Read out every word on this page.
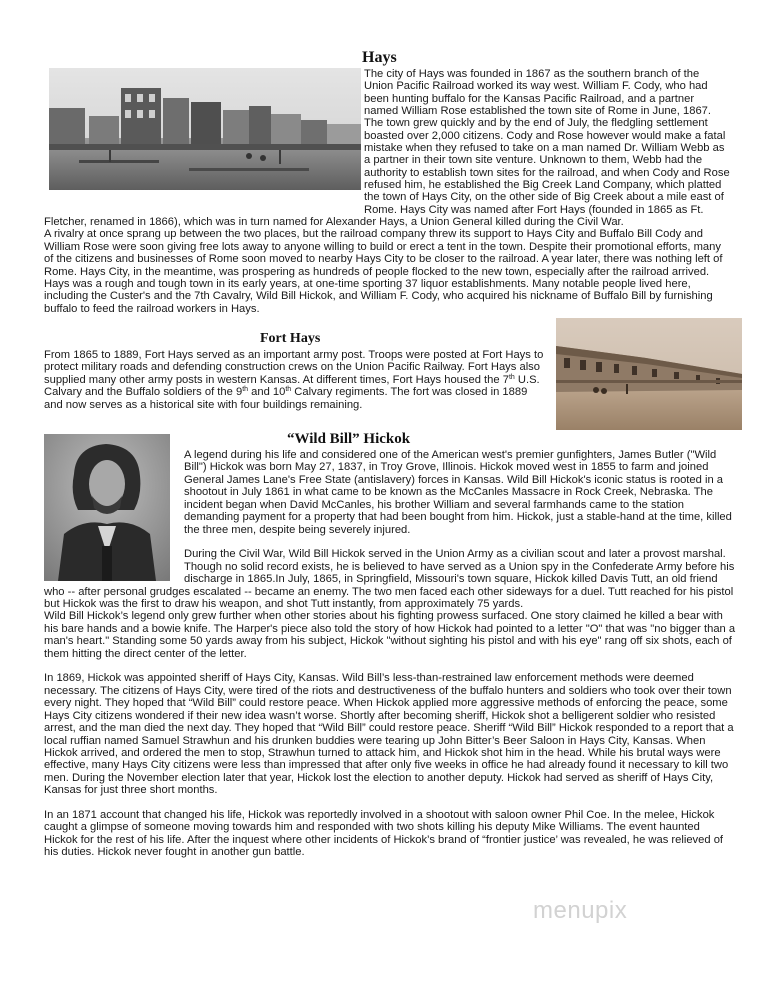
Hays

The city of Hays was founded in 1867 as the southern branch of the Union Pacific Railroad worked its way west. William F. Cody, who had been hunting buffalo for the Kansas Pacific Railroad, and a partner named William Rose established the town site of Rome in June, 1867. The town grew quickly and by the end of July, the fledgling settlement boasted over 2,000 citizens. Cody and Rose however would make a fatal mistake when they refused to take on a man named Dr. William Webb as a partner in their town site venture. Unknown to them, Webb had the authority to establish town sites for the railroad, and when Cody and Rose refused him, he established the Big Creek Land Company, which platted the town of Hays City, on the other side of Big Creek about a mile east of Rome. Hays City was named after Fort Hays (founded in 1865 as Ft. Fletcher, renamed in 1866), which was in turn named for Alexander Hays, a Union General killed during the Civil War.

A rivalry at once sprang up between the two places, but the railroad company threw its support to Hays City and Buffalo Bill Cody and William Rose were soon giving free lots away to anyone willing to build or erect a tent in the town. Despite their promotional efforts, many of the citizens and businesses of Rome soon moved to nearby Hays City to be closer to the railroad. A year later, there was nothing left of Rome. Hays City, in the meantime, was prospering as hundreds of people flocked to the new town, especially after the railroad arrived. Hays was a rough and tough town in its early years, at one-time sporting 37 liquor establishments. Many notable people lived here, including the Custer's and the 7th Cavalry, Wild Bill Hickok, and William F. Cody, who acquired his nickname of Buffalo Bill by furnishing buffalo to feed the railroad workers in Hays.

Fort Hays
From 1865 to 1889, Fort Hays served as an important army post. Troops were posted at Fort Hays to protect military roads and defending construction crews on the Union Pacific Railway. Fort Hays also supplied many other army posts in western Kansas. At different times, Fort Hays housed the 7th U.S. Calvary and the Buffalo soldiers of the 9th and 10th Calvary regiments. The fort was closed in 1889 and now serves as a historical site with four buildings remaining.
“Wild Bill” Hickok

A legend during his life and considered one of the American west's premier gunfighters, James Butler ("Wild Bill") Hickok was born May 27, 1837, in Troy Grove, Illinois. Hickok moved west in 1855 to farm and joined General James Lane's Free State (antislavery) forces in Kansas. Wild Bill Hickok's iconic status is rooted in a shootout in July 1861 in what came to be known as the McCanles Massacre in Rock Creek, Nebraska. The incident began when David McCanles, his brother William and several farmhands came to the station demanding payment for a property that had been bought from him. Hickok, just a stable-hand at the time, killed the three men, despite being severely injured.

During the Civil War, Wild Bill Hickok served in the Union Army as a civilian scout and later a provost marshal. Though no solid record exists, he is believed to have served as a Union spy in the Confederate Army before his discharge in 1865.In July, 1865, in Springfield, Missouri's town square, Hickok killed Davis Tutt, an old friend who -- after personal grudges escalated -- became an enemy. The two men faced each other sideways for a duel. Tutt reached for his pistol but Hickok was the first to draw his weapon, and shot Tutt instantly, from approximately 75 yards.

Wild Bill Hickok’s legend only grew further when other stories about his fighting prowess surfaced. One story claimed he killed a bear with his bare hands and a bowie knife. The Harper's piece also told the story of how Hickok had pointed to a letter "O" that was "no bigger than a man's heart." Standing some 50 yards away from his subject, Hickok "without sighting his pistol and with his eye" rang off six shots, each of them hitting the direct center of the letter.

In 1869, Hickok was appointed sheriff of Hays City, Kansas. Wild Bill’s less-than-restrained law enforcement methods were deemed necessary. The citizens of Hays City, were tired of the riots and destructiveness of the buffalo hunters and soldiers who took over their town every night. They hoped that “Wild Bill” could restore peace. When Hickok applied more aggressive methods of enforcing the peace, some Hays City citizens wondered if their new idea wasn’t worse. Shortly after becoming sheriff, Hickok shot a belligerent soldier who resisted arrest, and the man died the next day. They hoped that “Wild Bill” could restore peace. Sheriff “Wild Bill” Hickok responded to a report that a local ruffian named Samuel Strawhun and his drunken buddies were tearing up John Bitter’s Beer Saloon in Hays City, Kansas. When Hickok arrived, and ordered the men to stop, Strawhun turned to attack him, and Hickok shot him in the head. While his brutal ways were effective, many Hays City citizens were less than impressed that after only five weeks in office he had already found it necessary to kill two men. During the November election later that year, Hickok lost the election to another deputy. Hickok had served as sheriff of Hays City, Kansas for just three short months.

In an 1871 account that changed his life, Hickok was reportedly involved in a shootout with saloon owner Phil Coe. In the melee, Hickok caught a glimpse of someone moving towards him and responded with two shots killing his deputy Mike Williams. The event haunted Hickok for the rest of his life. After the inquest where other incidents of Hickok’s brand of “frontier justice’ was revealed, he was relieved of his duties. Hickok never fought in another gun battle.

menupix
